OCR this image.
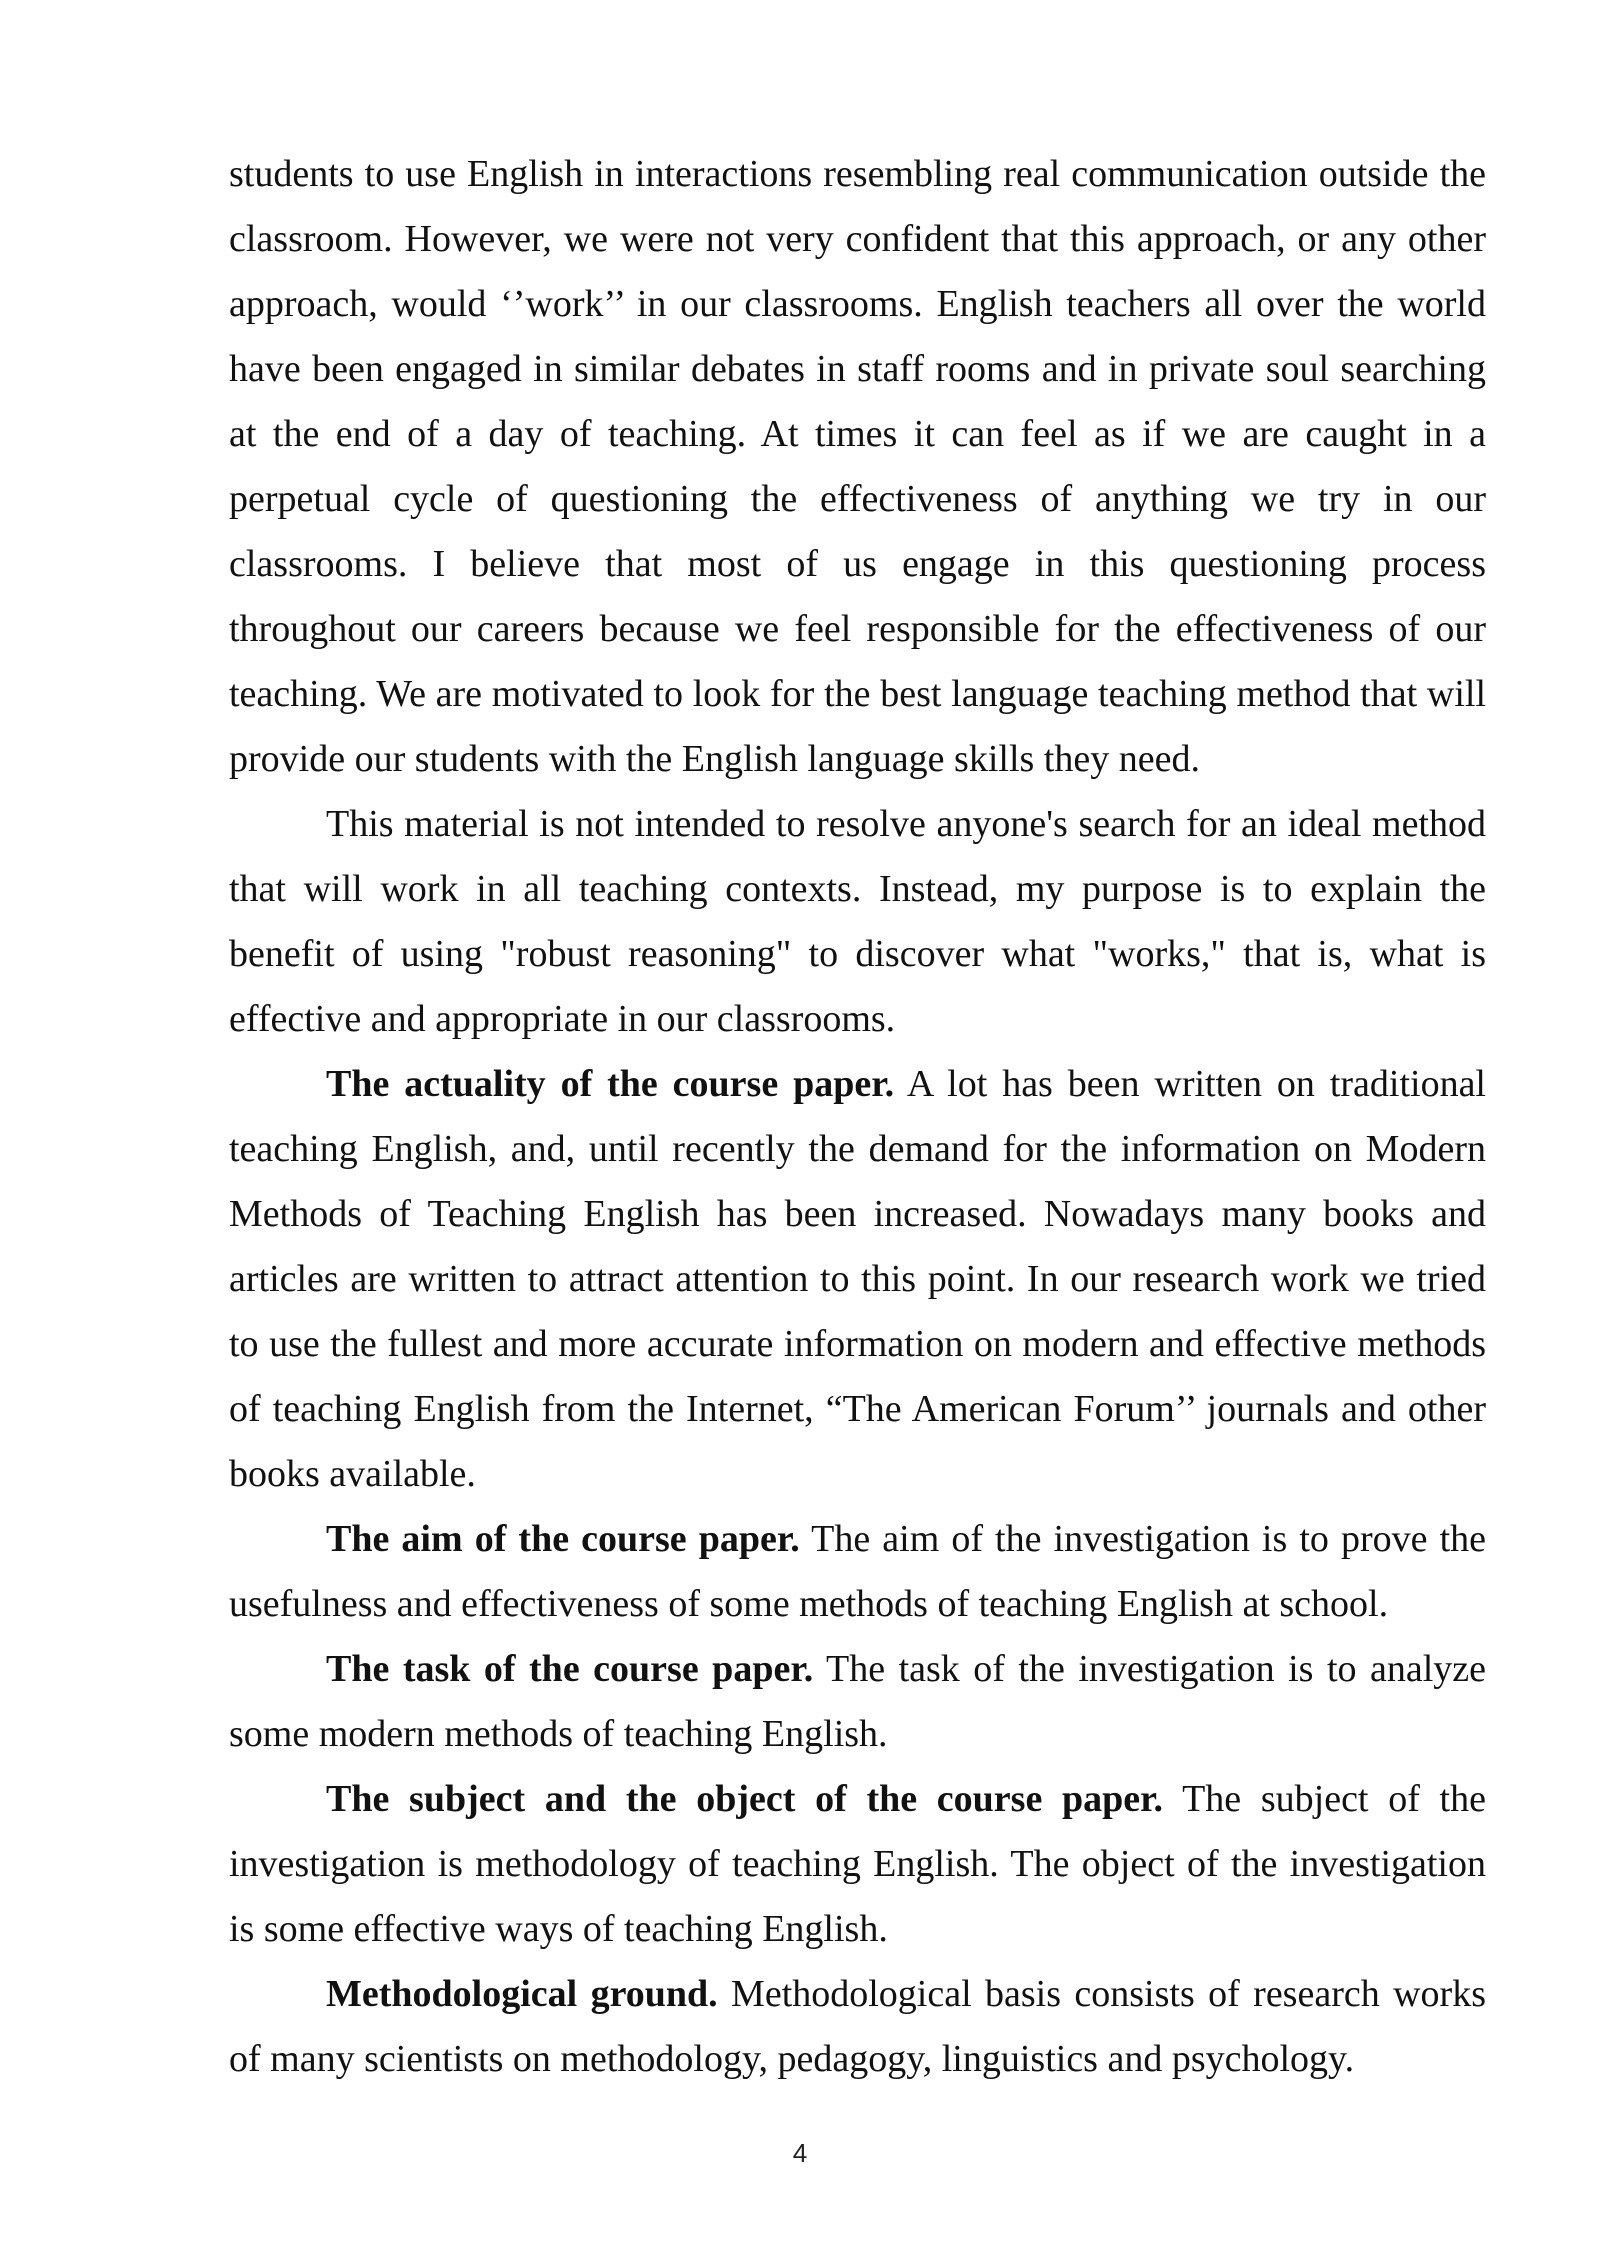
students to use English in interactions resembling real communication outside the classroom. However, we were not very confident that this approach, or any other approach, would ‘’work’’ in our classrooms. English teachers all over the world have been engaged in similar debates in staff rooms and in private soul searching at the end of a day of teaching. At times it can feel as if we are caught in a perpetual cycle of questioning the effectiveness of anything we try in our classrooms. I believe that most of us engage in this questioning process throughout our careers because we feel responsible for the effectiveness of our teaching. We are motivated to look for the best language teaching method that will provide our students with the English language skills they need.

This material is not intended to resolve anyone's search for an ideal method that will work in all teaching contexts. Instead, my purpose is to explain the benefit of using "robust reasoning" to discover what "works," that is, what is effective and appropriate in our classrooms.

The actuality of the course paper. A lot has been written on traditional teaching English, and, until recently the demand for the information on Modern Methods of Teaching English has been increased. Nowadays many books and articles are written to attract attention to this point. In our research work we tried to use the fullest and more accurate information on modern and effective methods of teaching English from the Internet, “The American Forum’’ journals and other books available.

The aim of the course paper. The aim of the investigation is to prove the usefulness and effectiveness of some methods of teaching English at school.

The task of the course paper. The task of the investigation is to analyze some modern methods of teaching English.

The subject and the object of the course paper. The subject of the investigation is methodology of teaching English. The object of the investigation is some effective ways of teaching English.

Methodological ground. Methodological basis consists of research works of many scientists on methodology, pedagogy, linguistics and psychology.

4
